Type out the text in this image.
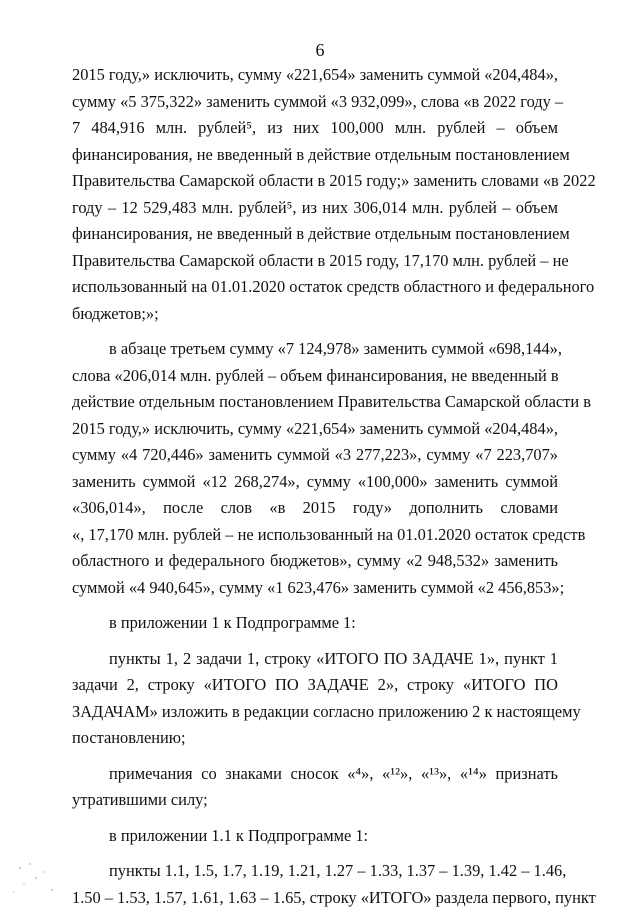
6
2015 году,» исключить, сумму «221,654» заменить суммой «204,484»,
сумму «5 375,322» заменить суммой «3 932,099», слова «в 2022 году –
7 484,916 млн. рублей⁵, из них 100,000 млн. рублей – объем
финансирования, не введенный в действие отдельным постановлением
Правительства Самарской области в 2015 году;» заменить словами «в 2022
году – 12 529,483 млн. рублей⁵, из них 306,014 млн. рублей – объем
финансирования, не введенный в действие отдельным постановлением
Правительства Самарской области в 2015 году, 17,170 млн. рублей – не
использованный на 01.01.2020 остаток средств областного и федерального
бюджетов;»;
в абзаце третьем сумму «7 124,978» заменить суммой «698,144»,
слова «206,014 млн. рублей – объем финансирования, не введенный в
действие отдельным постановлением Правительства Самарской области в
2015 году,» исключить, сумму «221,654» заменить суммой «204,484»,
сумму «4 720,446» заменить суммой «3 277,223», сумму «7 223,707»
заменить суммой «12 268,274», сумму «100,000» заменить суммой
«306,014», после слов «в 2015 году» дополнить словами
«, 17,170 млн. рублей – не использованный на 01.01.2020 остаток средств
областного и федерального бюджетов», сумму «2 948,532» заменить
суммой «4 940,645», сумму «1 623,476» заменить суммой «2 456,853»;
в приложении 1 к Подпрограмме 1:
пункты 1, 2 задачи 1, строку «ИТОГО ПО ЗАДАЧЕ 1», пункт 1
задачи 2, строку «ИТОГО ПО ЗАДАЧЕ 2», строку «ИТОГО ПО
ЗАДАЧАМ» изложить в редакции согласно приложению 2 к настоящему
постановлению;
примечания со знаками сносок «⁴», «¹²», «¹³», «¹⁴» признать
утратившими силу;
в приложении 1.1 к Подпрограмме 1:
пункты 1.1, 1.5, 1.7, 1.19, 1.21, 1.27 – 1.33, 1.37 – 1.39, 1.42 – 1.46,
1.50 – 1.53, 1.57, 1.61, 1.63 – 1.65, строку «ИТОГО» раздела первого, пункт
